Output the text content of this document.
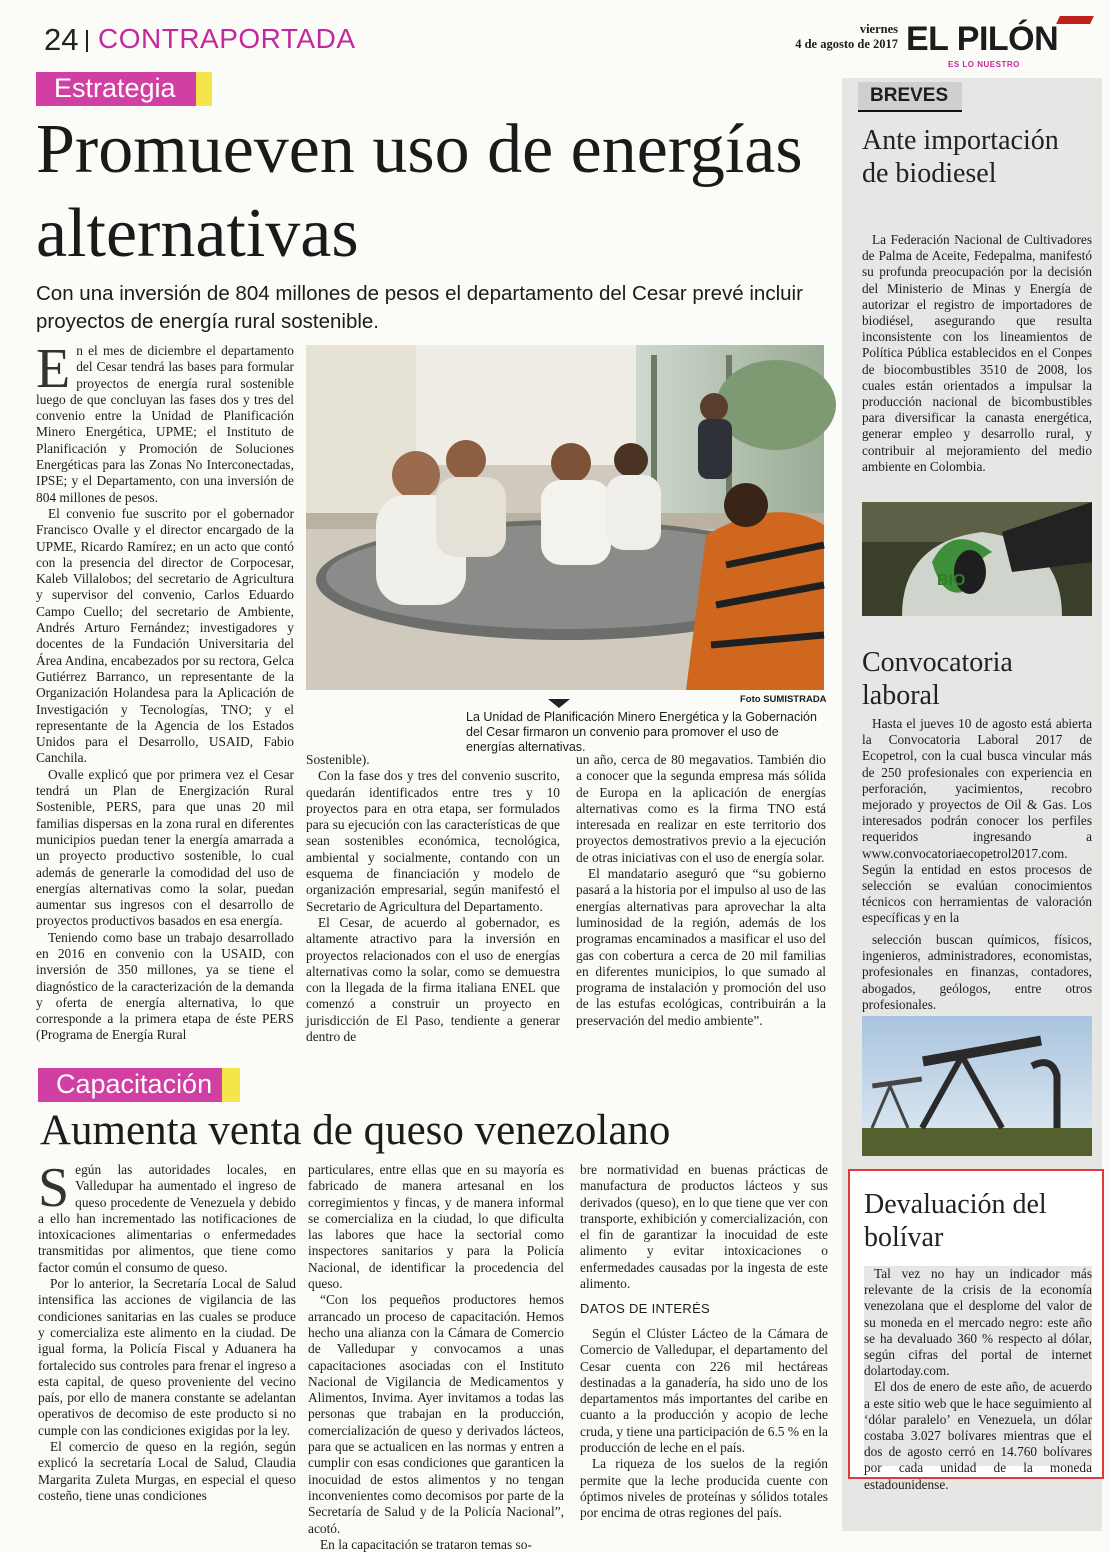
24 CONTRAPORTADA	viernes
4 de agosto de 2017 EL PILÓN
ES LO NUESTRO
Estrategia
Promueven uso de energías alternativas
Con una inversión de 804 millones de pesos el departamento del Cesar prevé incluir proyectos de energía rural sostenible.

En el mes de diciembre el departamento del Cesar tendrá las bases para formular proyectos de energía rural sostenible luego de que concluyan las fases dos y tres del convenio entre la Unidad de Planificación Minero Energética, UPME; el Instituto de Planificación y Promoción de Soluciones Energéticas para las Zonas No Interconectadas, IPSE; y el Departamento, con una inversión de 804 millones de pesos.

El convenio fue suscrito por el gobernador Francisco Ovalle y el director encargado de la UPME, Ricardo Ramírez; en un acto que contó con la presencia del director de Corpocesar, Kaleb Villalobos; del secretario de Agricultura y supervisor del convenio, Carlos Eduardo Campo Cuello; del secretario de Ambiente, Andrés Arturo Fernández; investigadores y docentes de la Fundación Universitaria del Área Andina, encabezados por su rectora, Gelca Gutiérrez Barranco, un representante de la Organización Holandesa para la Aplicación de Investigación y Tecnologías, TNO; y el representante de la Agencia de los Estados Unidos para el Desarrollo, USAID, Fabio Canchila.

Ovalle explicó que por primera vez el Cesar tendrá un Plan de Energización Rural Sostenible, PERS, para que unas 20 mil familias dispersas en la zona rural en diferentes municipios puedan tener la energía amarrada a un proyecto productivo sostenible, lo cual además de generarle la comodidad del uso de energías alternativas como la solar, puedan aumentar sus ingresos con el desarrollo de proyectos productivos basados en esa energía.

Teniendo como base un trabajo desarrollado en 2016 en convenio con la USAID, con inversión de 350 millones, ya se tiene el diagnóstico de la caracterización de la demanda y oferta de energía alternativa, lo que corresponde a la primera etapa de éste PERS (Programa de Energía Rural

Foto SUMISTRADA
La Unidad de Planificación Minero Energética y la Gobernación del Cesar firmaron un convenio para promover el uso de energías alternativas.

Sostenible).

Con la fase dos y tres del convenio suscrito, quedarán identificados entre tres y 10 proyectos para en otra etapa, ser formulados para su ejecución con las características de que sean sostenibles económica, tecnológica, ambiental y socialmente, contando con un esquema de financiación y modelo de organización empresarial, según manifestó el Secretario de Agricultura del Departamento.

El Cesar, de acuerdo al gobernador, es altamente atractivo para la inversión en proyectos relacionados con el uso de energías alternativas como la solar, como se demuestra con la llegada de la firma italiana ENEL que comenzó a construir un proyecto en jurisdicción de El Paso, tendiente a generar dentro de

un año, cerca de 80 megavatios. También dio a conocer que la segunda empresa más sólida de Europa en la aplicación de energías alternativas como es la firma TNO está interesada en realizar en este territorio dos proyectos demostrativos previo a la ejecución de otras iniciativas con el uso de energía solar.

El mandatario aseguró que “su gobierno pasará a la historia por el impulso al uso de las energías alternativas para aprovechar la alta luminosidad de la región, además de los programas encaminados a masificar el uso del gas con cobertura a cerca de 20 mil familias en diferentes municipios, lo que sumado al programa de instalación y promoción del uso de las estufas ecológicas, contribuirán a la preservación del medio ambiente”.

Capacitación
Aumenta venta de queso venezolano

Según las autoridades locales, en Valledupar ha aumentado el ingreso de queso procedente de Venezuela y debido a ello han incrementado las notificaciones de intoxicaciones alimentarias o enfermedades transmitidas por alimentos, que tiene como factor común el consumo de queso.

Por lo anterior, la Secretaría Local de Salud intensifica las acciones de vigilancia de las condiciones sanitarias en las cuales se produce y comercializa este alimento en la ciudad. De igual forma, la Policía Fiscal y Aduanera ha fortalecido sus controles para frenar el ingreso a esta capital, de queso proveniente del vecino país, por ello de manera constante se adelantan operativos de decomiso de este producto si no cumple con las condiciones exigidas por la ley.

El comercio de queso en la región, según explicó la secretaría Local de Salud, Claudia Margarita Zuleta Murgas, en especial el queso costeño, tiene unas condiciones

particulares, entre ellas que en su mayoría es fabricado de manera artesanal en los corregimientos y fincas, y de manera informal se comercializa en la ciudad, lo que dificulta las labores que hace la sectorial como inspectores sanitarios y para la Policía Nacional, de identificar la procedencia del queso.

“Con los pequeños productores hemos arrancado un proceso de capacitación. Hemos hecho una alianza con la Cámara de Comercio de Valledupar y convocamos a unas capacitaciones asociadas con el Instituto Nacional de Vigilancia de Medicamentos y Alimentos, Invima. Ayer invitamos a todas las personas que trabajan en la producción, comercialización de queso y derivados lácteos, para que se actualicen en las normas y entren a cumplir con esas condiciones que garanticen la inocuidad de estos alimentos y no tengan inconvenientes como decomisos por parte de la Secretaría de Salud y de la Policía Nacional”, acotó.

En la capacitación se trataron temas so-

bre normatividad en buenas prácticas de manufactura de productos lácteos y sus derivados (queso), en lo que tiene que ver con transporte, exhibición y comercialización, con el fin de garantizar la inocuidad de este alimento y evitar intoxicaciones o enfermedades causadas por la ingesta de este alimento.

DATOS DE INTERÉS

Según el Clúster Lácteo de la Cámara de Comercio de Valledupar, el departamento del Cesar cuenta con 226 mil hectáreas destinadas a la ganadería, ha sido uno de los departamentos más importantes del caribe en cuanto a la producción y acopio de leche cruda, y tiene una participación de 6.5 % en la producción de leche en el país.

La riqueza de los suelos de la región permite que la leche producida cuente con óptimos niveles de proteínas y sólidos totales por encima de otras regiones del país.

BREVES
Ante importación de biodiesel

La Federación Nacional de Cultivadores de Palma de Aceite, Fedepalma, manifestó su profunda preocupación por la decisión del Ministerio de Minas y Energía de autorizar el registro de importadores de biodiésel, asegurando que resulta inconsistente con los lineamientos de Política Pública establecidos en el Conpes de biocombustibles 3510 de 2008, los cuales están orientados a impulsar la producción nacional de bicombustibles para diversificar la canasta energética, generar empleo y desarrollo rural, y contribuir al mejoramiento del medio ambiente en Colombia.

BIO
Convocatoria laboral

Hasta el jueves 10 de agosto está abierta la Convocatoria Laboral 2017 de Ecopetrol, con la cual busca vincular más de 250 profesionales con experiencia en perforación, yacimientos, recobro mejorado y proyectos de Oil & Gas. Los interesados podrán conocer los perfiles requeridos ingresando a www.convocatoriaecopetrol2017.com. Según la entidad en estos procesos de selección se evalúan conocimientos técnicos con herramientas de valoración específicas y en la

selección buscan químicos, físicos, ingenieros, administradores, economistas, profesionales en finanzas, contadores, abogados, geólogos, entre otros profesionales.

Devaluación del bolívar

Tal vez no hay un indicador más relevante de la crisis de la economía venezolana que el desplome del valor de su moneda en el mercado negro: este año se ha devaluado 360 % respecto al dólar, según cifras del portal de internet dolartoday.com.

El dos de enero de este año, de acuerdo a este sitio web que le hace seguimiento al ‘dólar paralelo’ en Venezuela, un dólar costaba 3.027 bolívares mientras que el dos de agosto cerró en 14.760 bolívares por cada unidad de la moneda estadounidense.
